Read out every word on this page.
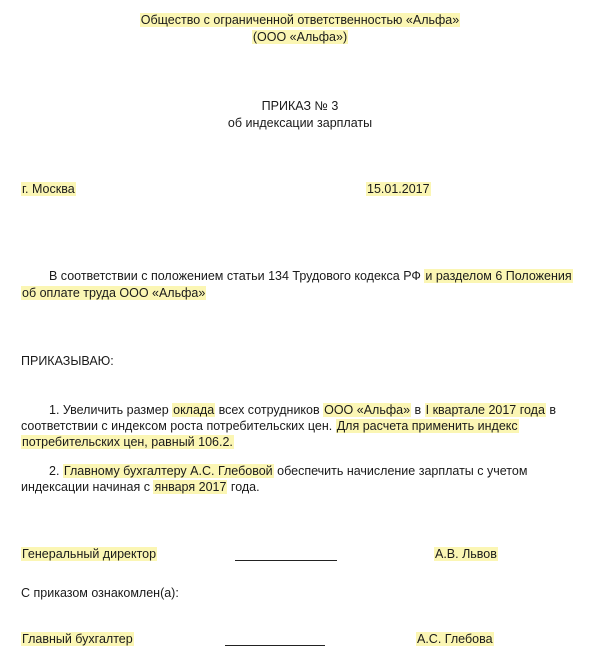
Общество с ограниченной ответственностью «Альфа»
(ООО «Альфа»)
ПРИКАЗ № 3
об индексации зарплаты
г. Москва	15.01.2017
В соответствии с положением статьи 134 Трудового кодекса РФ и разделом 6 Положения
об оплате труда ООО «Альфа»
ПРИКАЗЫВАЮ:
1. Увеличить размер оклада всех сотрудников ООО «Альфа» в I квартале 2017 года в
соответствии с индексом роста потребительских цен. Для расчета применить индекс
потребительских цен, равный 106.2.
2. Главному бухгалтеру А.С. Глебовой обеспечить начисление зарплаты с учетом
индексации начиная с января 2017 года.
Генеральный директор	А.В. Львов
С приказом ознакомлен(а):
Главный бухгалтер	А.С. Глебова
